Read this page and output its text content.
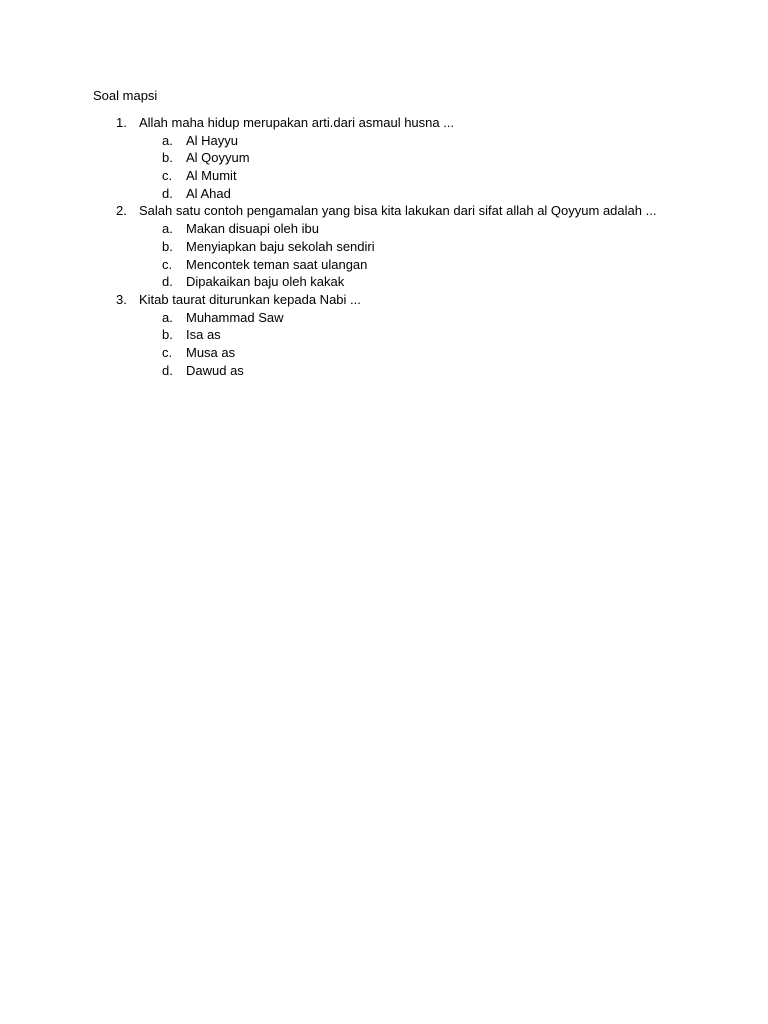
Soal mapsi

1. Allah maha hidup merupakan arti.dari asmaul husna ...
a. Al Hayyu
b. Al Qoyyum
c. Al Mumit
d. Al Ahad
2. Salah satu contoh pengamalan yang bisa kita lakukan dari sifat allah al Qoyyum adalah ...
a. Makan disuapi oleh ibu
b. Menyiapkan baju sekolah sendiri
c. Mencontek teman saat ulangan
d. Dipakaikan baju oleh kakak
3. Kitab taurat diturunkan kepada Nabi ...
a. Muhammad Saw
b. Isa as
c. Musa as
d. Dawud as
